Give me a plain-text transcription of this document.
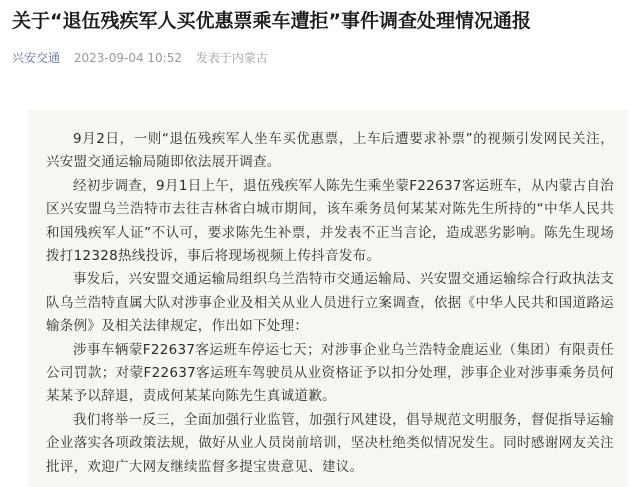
关于“退伍残疾军人买优惠票乘车遭拒”事件调查处理情况通报
兴安交通 2023-09-04 10:52 发表于内蒙古

9月2日，一则“退伍残疾军人坐车买优惠票，上车后遭要求补票”的视频引发网民关注，兴安盟交通运输局随即依法展开调查。

经初步调查，9月1日上午，退伍残疾军人陈先生乘坐蒙F22637客运班车，从内蒙古自治区兴安盟乌兰浩特市去往吉林省白城市期间，该车乘务员何某某对陈先生所持的“中华人民共和国残疾军人证”不认可，要求陈先生补票，并发表不正当言论，造成恶劣影响。陈先生现场拨打12328热线投诉，事后将现场视频上传抖音发布。

事发后，兴安盟交通运输局组织乌兰浩特市交通运输局、兴安盟交通运输综合行政执法支队乌兰浩特直属大队对涉事企业及相关从业人员进行立案调查，依据《中华人民共和国道路运输条例》及相关法律规定，作出如下处理：

涉事车辆蒙F22637客运班车停运七天；对涉事企业乌兰浩特金鹿运业（集团）有限责任公司罚款；对蒙F22637客运班车驾驶员从业资格证予以扣分处理，涉事企业对涉事乘务员何某某予以辞退，责成何某某向陈先生真诚道歉。

我们将举一反三，全面加强行业监管，加强行风建设，倡导规范文明服务，督促指导运输企业落实各项政策法规，做好从业人员岗前培训，坚决杜绝类似情况发生。同时感谢网友关注批评，欢迎广大网友继续监督多提宝贵意见、建议。
